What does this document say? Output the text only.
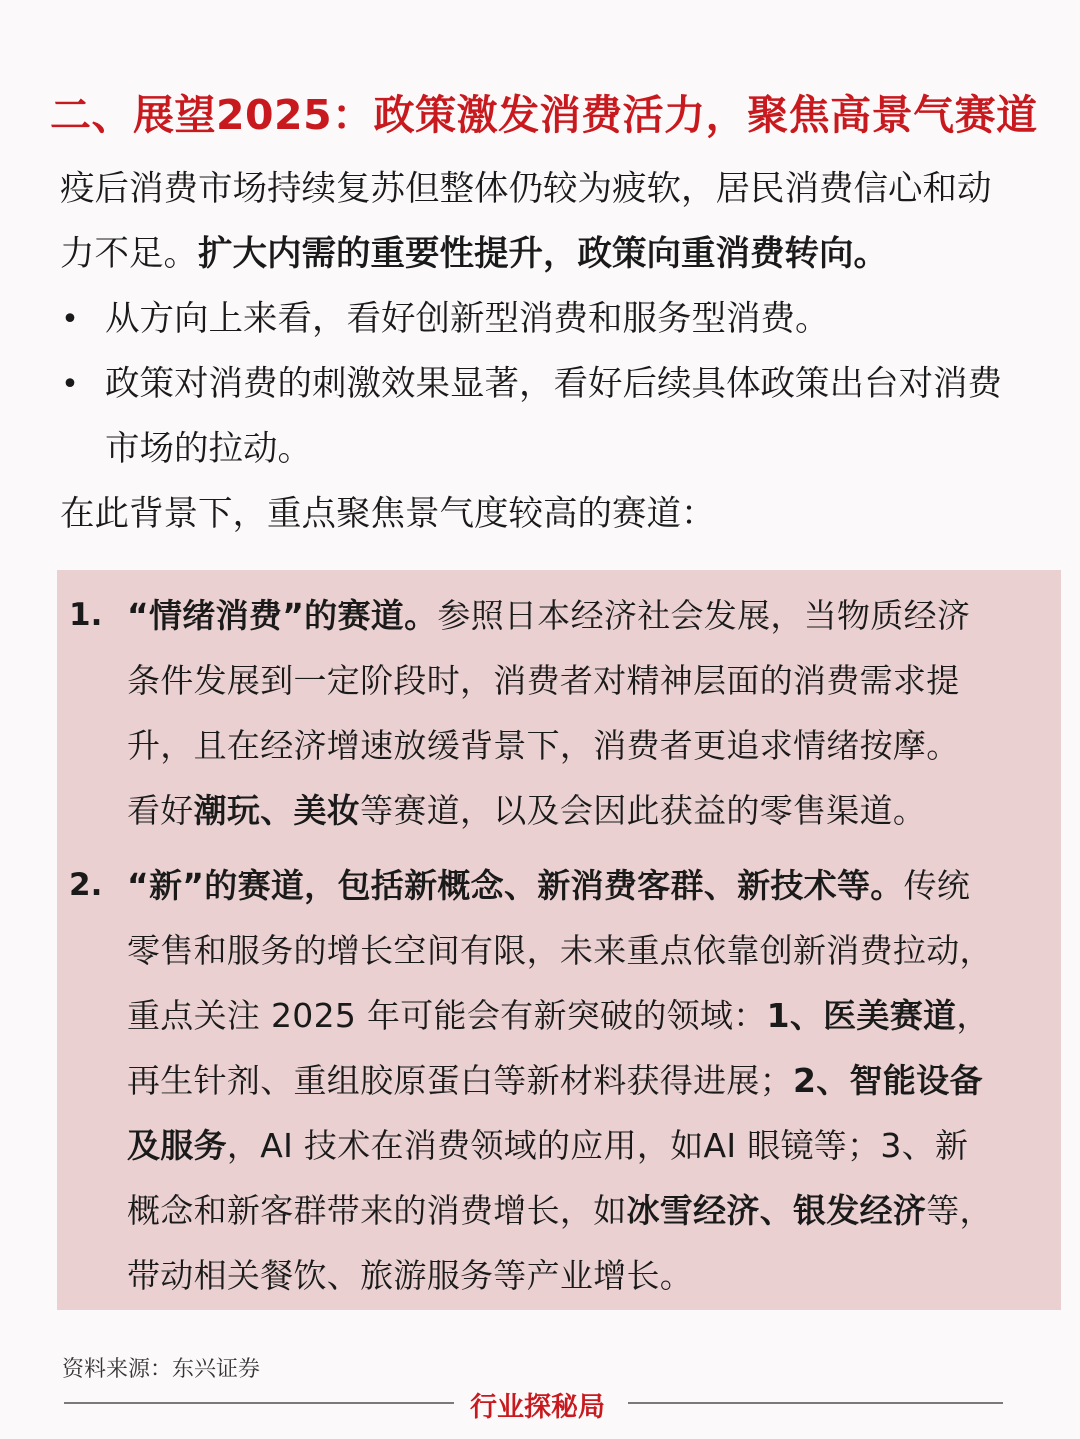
二、展望2025：政策激发消费活力，聚焦高景气赛道

疫后消费市场持续复苏但整体仍较为疲软，居民消费信心和动

力不足。扩大内需的重要性提升，政策向重消费转向。

• 从方向上来看，看好创新型消费和服务型消费。

• 政策对消费的刺激效果显著，看好后续具体政策出台对消费

市场的拉动。

在此背景下，重点聚焦景气度较高的赛道：

1. “情绪消费”的赛道。参照日本经济社会发展，当物质经济

条件发展到一定阶段时，消费者对精神层面的消费需求提

升，且在经济增速放缓背景下，消费者更追求情绪按摩。

看好潮玩、美妆等赛道，以及会因此获益的零售渠道。

2. “新”的赛道，包括新概念、新消费客群、新技术等。传统

零售和服务的增长空间有限，未来重点依靠创新消费拉动，

重点关注 2025 年可能会有新突破的领域：1、医美赛道，

再生针剂、重组胶原蛋白等新材料获得进展；2、智能设备

及服务，AI 技术在消费领域的应用，如AI 眼镜等；3、新

概念和新客群带来的消费增长，如冰雪经济、银发经济等，

带动相关餐饮、旅游服务等产业增长。

资料来源：东兴证券
行业探秘局
